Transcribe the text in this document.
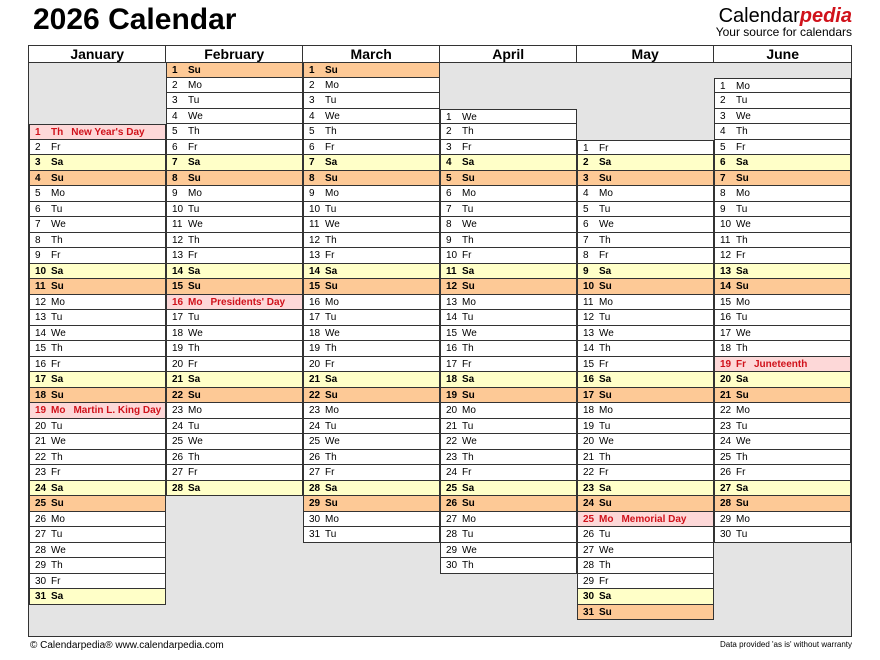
2026 Calendar	Calendarpedia
Your source for calendars
January
1 Th New Year's Day
2 Fr
3 Sa
4 Su
5 Mo
6 Tu
7 We
8 Th
9 Fr
10 Sa
11 Su
12 Mo
13 Tu
14 We
15 Th
16 Fr
17 Sa
18 Su
19 Mo Martin L. King Day
20 Tu
21 We
22 Th
23 Fr
24 Sa
25 Su
26 Mo
27 Tu
28 We
29 Th
30 Fr
31 Sa
February
1 Su
2 Mo
3 Tu
4 We
5 Th
6 Fr
7 Sa
8 Su
9 Mo
10 Tu
11 We
12 Th
13 Fr
14 Sa
15 Su
16 Mo Presidents' Day
17 Tu
18 We
19 Th
20 Fr
21 Sa
22 Su
23 Mo
24 Tu
25 We
26 Th
27 Fr
28 Sa
March
1 Su
2 Mo
3 Tu
4 We
5 Th
6 Fr
7 Sa
8 Su
9 Mo
10 Tu
11 We
12 Th
13 Fr
14 Sa
15 Su
16 Mo
17 Tu
18 We
19 Th
20 Fr
21 Sa
22 Su
23 Mo
24 Tu
25 We
26 Th
27 Fr
28 Sa
29 Su
30 Mo
31 Tu
April
1 We
2 Th
3 Fr
4 Sa
5 Su
6 Mo
7 Tu
8 We
9 Th
10 Fr
11 Sa
12 Su
13 Mo
14 Tu
15 We
16 Th
17 Fr
18 Sa
19 Su
20 Mo
21 Tu
22 We
23 Th
24 Fr
25 Sa
26 Su
27 Mo
28 Tu
29 We
30 Th
May
1 Fr
2 Sa
3 Su
4 Mo
5 Tu
6 We
7 Th
8 Fr
9 Sa
10 Su
11 Mo
12 Tu
13 We
14 Th
15 Fr
16 Sa
17 Su
18 Mo
19 Tu
20 We
21 Th
22 Fr
23 Sa
24 Su
25 Mo Memorial Day
26 Tu
27 We
28 Th
29 Fr
30 Sa
31 Su
June
1 Mo
2 Tu
3 We
4 Th
5 Fr
6 Sa
7 Su
8 Mo
9 Tu
10 We
11 Th
12 Fr
13 Sa
14 Su
15 Mo
16 Tu
17 We
18 Th
19 Fr Juneteenth
20 Sa
21 Su
22 Mo
23 Tu
24 We
25 Th
26 Fr
27 Sa
28 Su
29 Mo
30 Tu
© Calendarpedia® www.calendarpedia.com	Data provided 'as is' without warranty
